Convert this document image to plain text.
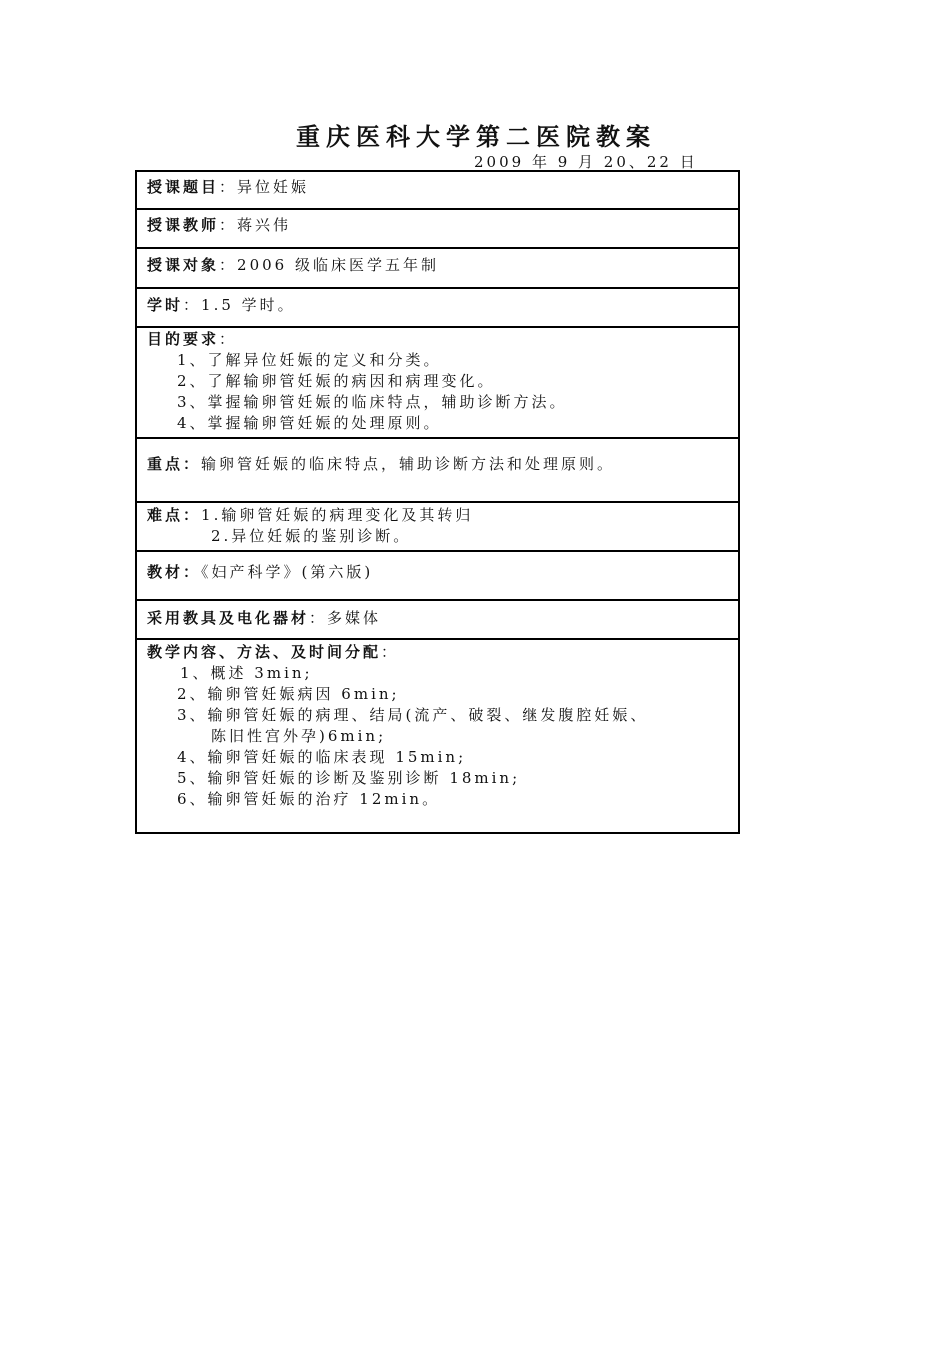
重庆医科大学第二医院教案
2009 年 9 月 20、22 日
授课题目：异位妊娠
授课教师：蒋兴伟
授课对象：2006 级临床医学五年制
学时：1.5 学时。

目的要求：
1、了解异位妊娠的定义和分类。
2、了解输卵管妊娠的病因和病理变化。
3、掌握输卵管妊娠的临床特点，辅助诊断方法。
4、掌握输卵管妊娠的处理原则。

重点：输卵管妊娠的临床特点，辅助诊断方法和处理原则。

难点：1.输卵管妊娠的病理变化及其转归
2.异位妊娠的鉴别诊断。

教材：《妇产科学》(第六版)
采用教具及电化器材：多媒体

教学内容、方法、及时间分配：
1、概述 3min;
2、输卵管妊娠病因 6min;
3、输卵管妊娠的病理、结局(流产、破裂、继发腹腔妊娠、
陈旧性宫外孕)6min;
4、输卵管妊娠的临床表现 15min;
5、输卵管妊娠的诊断及鉴别诊断 18min;
6、输卵管妊娠的治疗 12min。
